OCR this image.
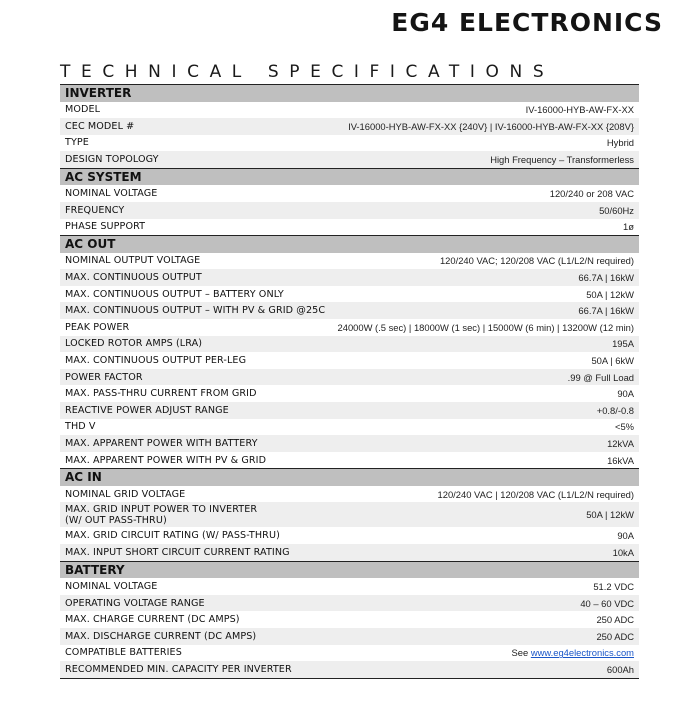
EG4 ELECTRONICS
TECHNICAL SPECIFICATIONS
INVERTER
MODEL	IV-16000-HYB-AW-FX-XX
CEC MODEL #	IV-16000-HYB-AW-FX-XX {240V} | IV-16000-HYB-AW-FX-XX {208V}
TYPE	Hybrid
DESIGN TOPOLOGY	High Frequency – Transformerless
AC SYSTEM
NOMINAL VOLTAGE	120/240 or 208 VAC
FREQUENCY	50/60Hz
PHASE SUPPORT	1ø
AC OUT
NOMINAL OUTPUT VOLTAGE	120/240 VAC; 120/208 VAC (L1/L2/N required)
MAX. CONTINUOUS OUTPUT	66.7A | 16kW
MAX. CONTINUOUS OUTPUT – BATTERY ONLY	50A | 12kW
MAX. CONTINUOUS OUTPUT – WITH PV & GRID @25C	66.7A | 16kW
PEAK POWER	24000W (.5 sec) | 18000W (1 sec) | 15000W (6 min) | 13200W (12 min)
LOCKED ROTOR AMPS (LRA)	195A
MAX. CONTINUOUS OUTPUT PER-LEG	50A | 6kW
POWER FACTOR	.99 @ Full Load
MAX. PASS-THRU CURRENT FROM GRID	90A
REACTIVE POWER ADJUST RANGE	+0.8/-0.8
THD V	<5%
MAX. APPARENT POWER WITH BATTERY	12kVA
MAX. APPARENT POWER WITH PV & GRID	16kVA
AC IN
NOMINAL GRID VOLTAGE	120/240 VAC | 120/208 VAC (L1/L2/N required)
MAX. GRID INPUT POWER TO INVERTER
(W/ OUT PASS-THRU)	50A | 12kW
MAX. GRID CIRCUIT RATING (W/ PASS-THRU)	90A
MAX. INPUT SHORT CIRCUIT CURRENT RATING	10kA
BATTERY
NOMINAL VOLTAGE	51.2 VDC
OPERATING VOLTAGE RANGE	40 – 60 VDC
MAX. CHARGE CURRENT (DC AMPS)	250 ADC
MAX. DISCHARGE CURRENT (DC AMPS)	250 ADC
COMPATIBLE BATTERIES	See www.eg4electronics.com
RECOMMENDED MIN. CAPACITY PER INVERTER	600Ah
